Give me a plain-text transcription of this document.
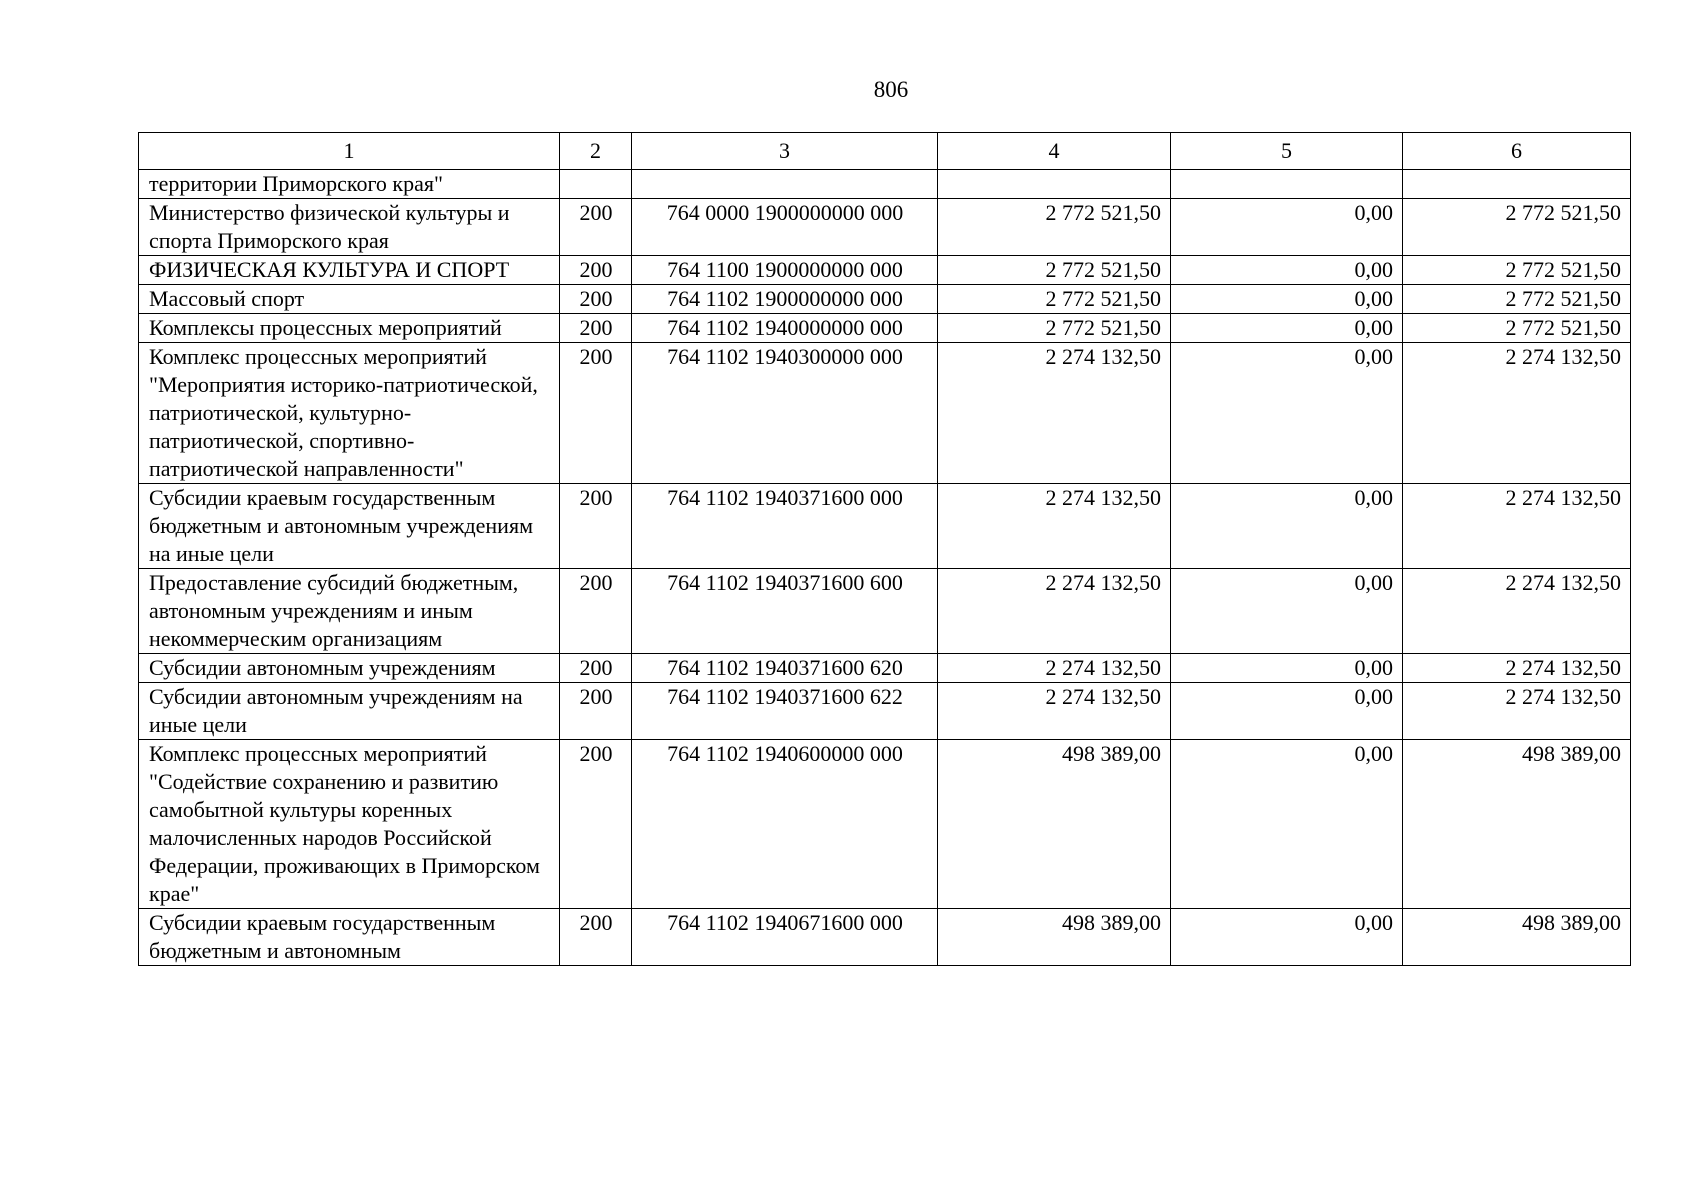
806
1	2	3	4	5	6
территории Приморского края"					
Министерство физической культуры и спорта Приморского края	200	764 0000 1900000000 000	2 772 521,50	0,00	2 772 521,50
ФИЗИЧЕСКАЯ КУЛЬТУРА И СПОРТ	200	764 1100 1900000000 000	2 772 521,50	0,00	2 772 521,50
Массовый спорт	200	764 1102 1900000000 000	2 772 521,50	0,00	2 772 521,50
Комплексы процессных мероприятий	200	764 1102 1940000000 000	2 772 521,50	0,00	2 772 521,50
Комплекс процессных мероприятий "Мероприятия историко-патриотической, патриотической, культурно-патриотической, спортивно-патриотической направленности"	200	764 1102 1940300000 000	2 274 132,50	0,00	2 274 132,50
Субсидии краевым государственным бюджетным и автономным учреждениям на иные цели	200	764 1102 1940371600 000	2 274 132,50	0,00	2 274 132,50
Предоставление субсидий бюджетным, автономным учреждениям и иным некоммерческим организациям	200	764 1102 1940371600 600	2 274 132,50	0,00	2 274 132,50
Субсидии автономным учреждениям	200	764 1102 1940371600 620	2 274 132,50	0,00	2 274 132,50
Субсидии автономным учреждениям на иные цели	200	764 1102 1940371600 622	2 274 132,50	0,00	2 274 132,50
Комплекс процессных мероприятий "Содействие сохранению и развитию самобытной культуры коренных малочисленных народов Российской Федерации, проживающих в Приморском крае"	200	764 1102 1940600000 000	498 389,00	0,00	498 389,00
Субсидии краевым государственным бюджетным и автономным	200	764 1102 1940671600 000	498 389,00	0,00	498 389,00
